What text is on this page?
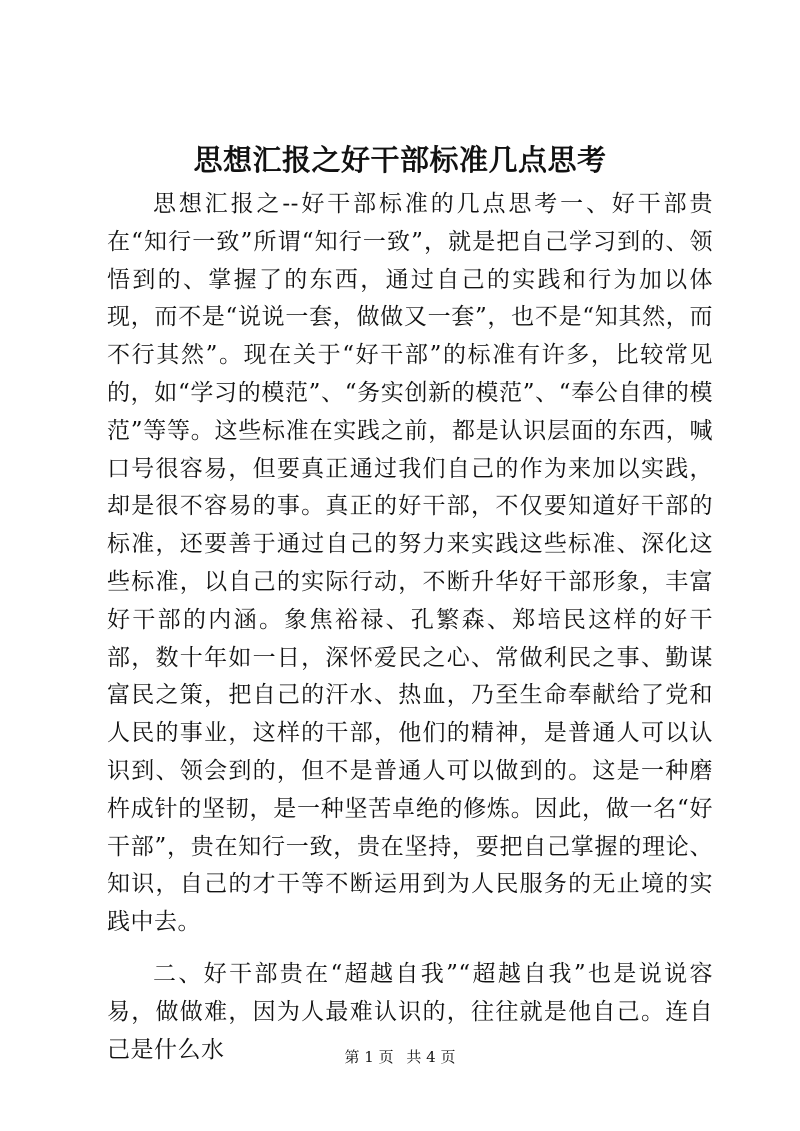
思想汇报之好干部标准几点思考

思想汇报之--好干部标准的几点思考一、好干部贵在“知行一致”所谓“知行一致”，就是把自己学习到的、领悟到的、掌握了的东西，通过自己的实践和行为加以体现，而不是“说说一套，做做又一套”，也不是“知其然，而不行其然”。现在关于“好干部”的标准有许多，比较常见的，如“学习的模范”、“务实创新的模范”、“奉公自律的模范”等等。这些标准在实践之前，都是认识层面的东西，喊口号很容易，但要真正通过我们自己的作为来加以实践，却是很不容易的事。真正的好干部，不仅要知道好干部的标准，还要善于通过自己的努力来实践这些标准、深化这些标准，以自己的实际行动，不断升华好干部形象，丰富好干部的内涵。象焦裕禄、孔繁森、郑培民这样的好干部，数十年如一日，深怀爱民之心、常做利民之事、勤谋富民之策，把自己的汗水、热血，乃至生命奉献给了党和人民的事业，这样的干部，他们的精神，是普通人可以认识到、领会到的，但不是普通人可以做到的。这是一种磨杵成针的坚韧，是一种坚苦卓绝的修炼。因此，做一名“好干部”，贵在知行一致，贵在坚持，要把自己掌握的理论、知识，自己的才干等不断运用到为人民服务的无止境的实践中去。

二、好干部贵在“超越自我”“超越自我”也是说说容易，做做难，因为人最难认识的，往往就是他自己。连自己是什么水	第 1 页 共 4 页
